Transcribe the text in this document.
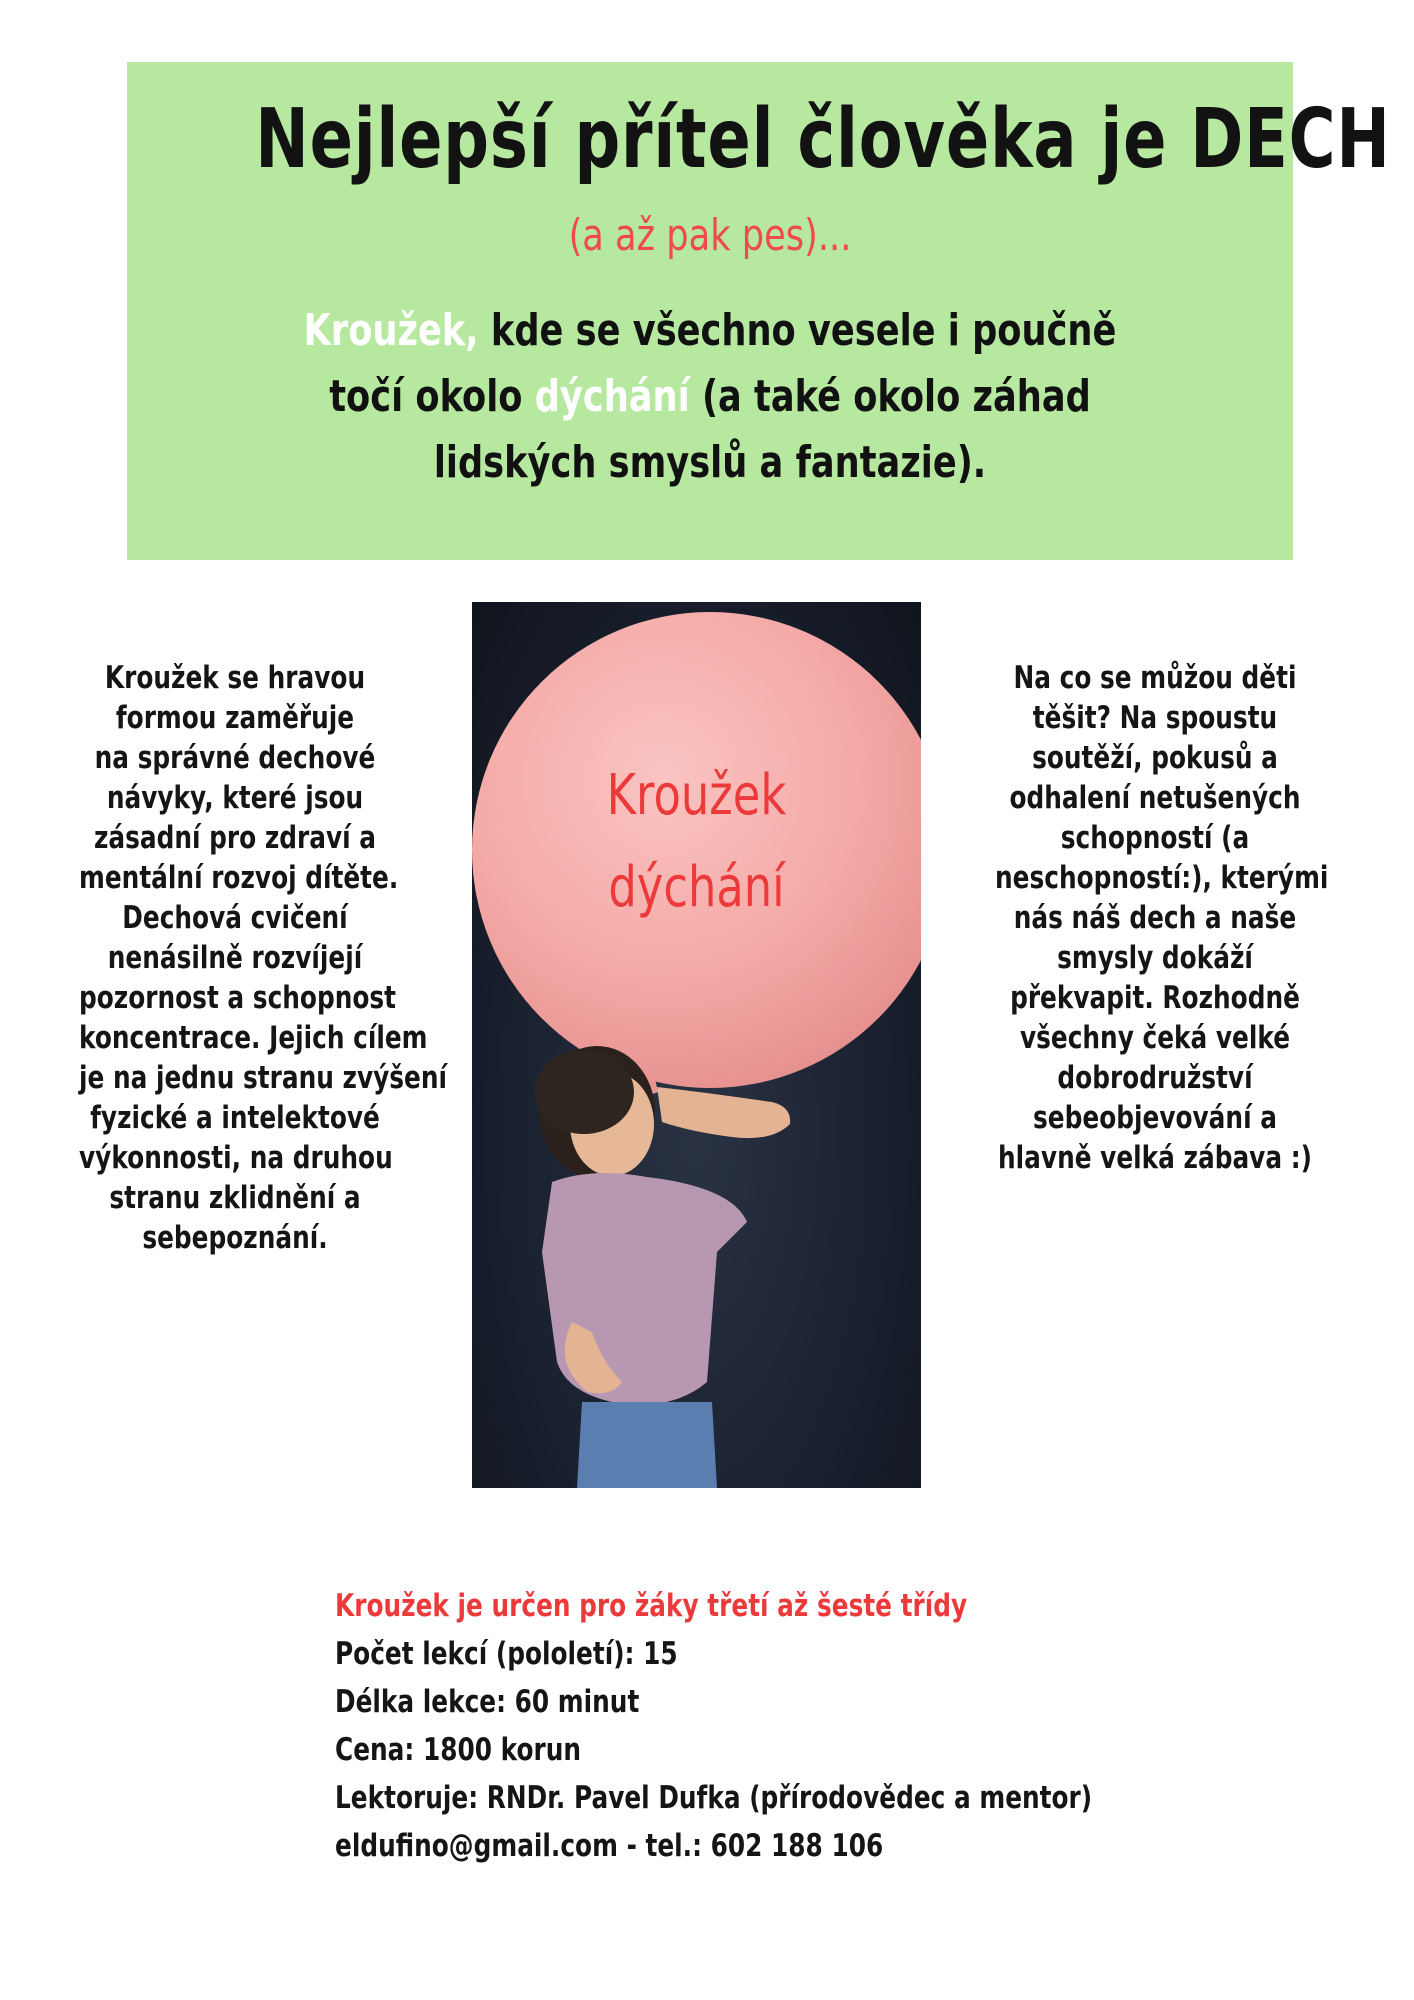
Nejlepší přítel člověka je DECH
(a až pak pes)...
Kroužek, kde se všechno vesele i poučně
točí okolo dýchání (a také okolo záhad
lidských smyslů a fantazie).
Kroužek se hravou
formou zaměřuje
na správné dechové
návyky, které jsou
zásadní pro zdraví a
mentální rozvoj dítěte.
Dechová cvičení
nenásilně rozvíjejí
pozornost a schopnost
koncentrace. Jejich cílem
je na jednu stranu zvýšení
fyzické a intelektové
výkonnosti, na druhou
stranu zklidnění a
sebepoznání.
Kroužek
dýchání
Na co se můžou děti
těšit? Na spoustu
soutěží, pokusů a
odhalení netušených
schopností (a
neschopností:), kterými
nás náš dech a naše
smysly dokáží
překvapit. Rozhodně
všechny čeká velké
dobrodružství
sebeobjevování a
hlavně velká zábava :)
Kroužek je určen pro žáky třetí až šesté třídy
Počet lekcí (pololetí): 15
Délka lekce: 60 minut
Cena: 1800 korun
Lektoruje: RNDr. Pavel Dufka (přírodovědec a mentor)
eldufino@gmail.com - tel.: 602 188 106
